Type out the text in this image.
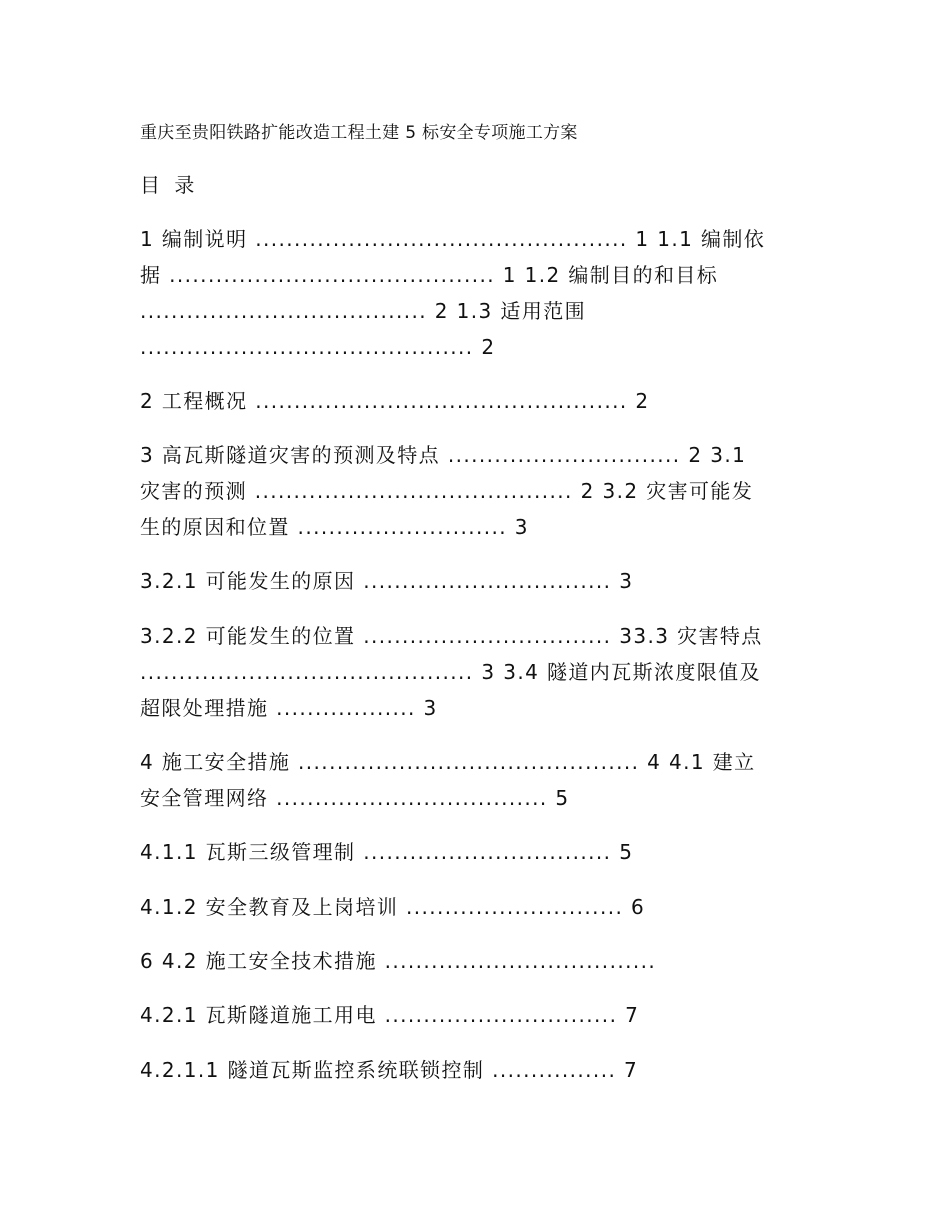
重庆至贵阳铁路扩能改造工程土建 5 标安全专项施工方案
目 录
1 编制说明 ................................................ 1 1.1 编制依
据 .......................................... 1 1.2 编制目的和目标
..................................... 2 1.3 适用范围
........................................... 2
2 工程概况 ................................................ 2
3 高瓦斯隧道灾害的预测及特点 .............................. 2 3.1
灾害的预测 ......................................... 2 3.2 灾害可能发
生的原因和位置 ........................... 3
3.2.1 可能发生的原因 ................................ 3
3.2.2 可能发生的位置 ................................ 33.3 灾害特点
........................................... 3 3.4 隧道内瓦斯浓度限值及
超限处理措施 .................. 3
4 施工安全措施 ............................................ 4 4.1 建立
安全管理网络 ................................... 5
4.1.1 瓦斯三级管理制 ................................ 5
4.1.2 安全教育及上岗培训 ............................ 6
6 4.2 施工安全技术措施 ...................................
4.2.1 瓦斯隧道施工用电 .............................. 7
4.2.1.1 隧道瓦斯监控系统联锁控制 ................ 7
